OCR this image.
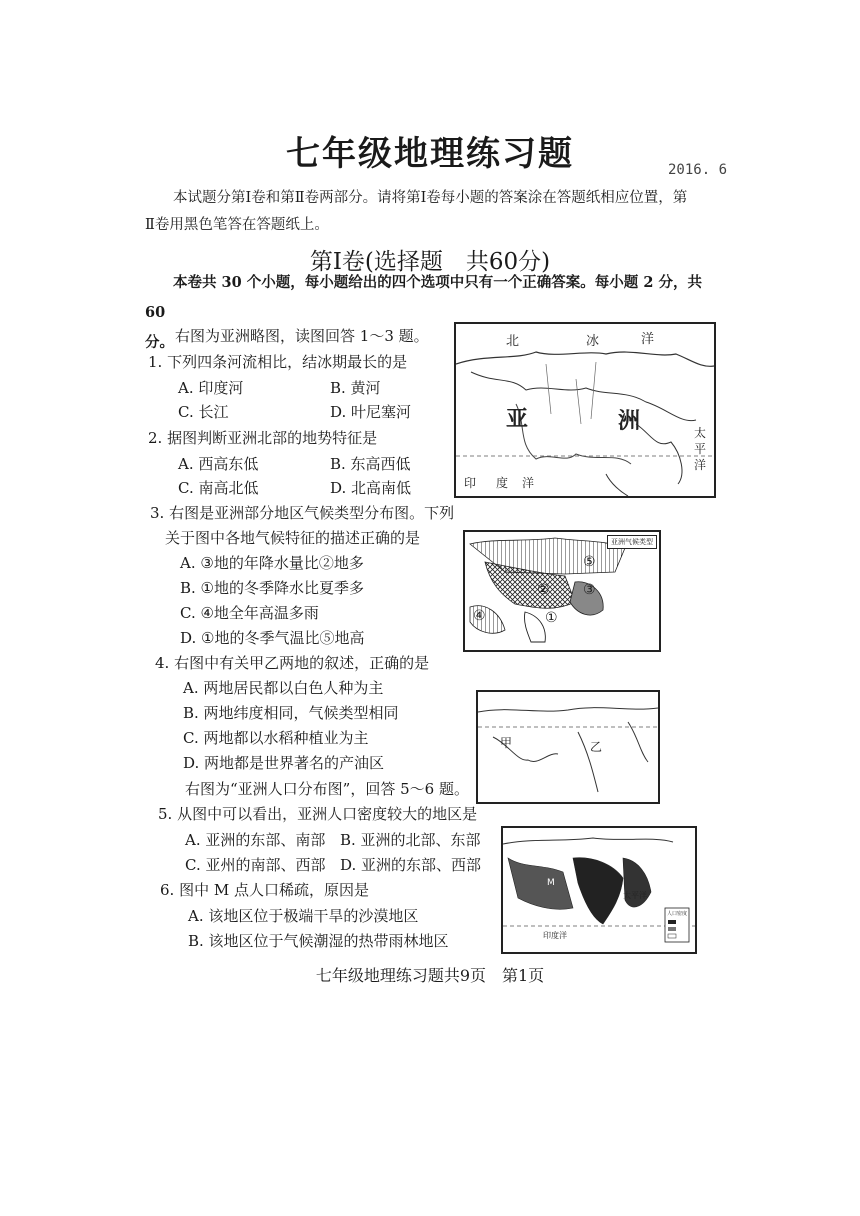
七年级地理练习题	2016. 6
本试题分第Ⅰ卷和第Ⅱ卷两部分。请将第Ⅰ卷每小题的答案涂在答题纸相应位置，第
Ⅱ卷用黑色笔答在答题纸上。
第Ⅰ卷(选择题　共60分)
本卷共 30 个小题，每小题给出的四个选项中只有一个正确答案。每小题 2 分，共 60
分。 右图为亚洲略图，读图回答 1～3 题。
1. 下列四条河流相比，结冰期最长的是
A. 印度河	B. 黄河
C. 长江	D. 叶尼塞河
2. 据图判断亚洲北部的地势特征是
A. 西高东低	B. 东高西低
C. 南高北低	D. 北高南低
3. 右图是亚洲部分地区气候类型分布图。下列
关于图中各地气候特征的描述正确的是
A. ③地的年降水量比②地多
B. ①地的冬季降水比夏季多
C. ④地全年高温多雨
D. ①地的冬季气温比⑤地高
4. 右图中有关甲乙两地的叙述，正确的是
A. 两地居民都以白色人种为主
B. 两地纬度相同，气候类型相同
C. 两地都以水稻种植业为主
D. 两地都是世界著名的产油区
右图为“亚洲人口分布图”，回答 5～6 题。
5. 从图中可以看出，亚洲人口密度较大的地区是
A. 亚洲的东部、南部 B. 亚洲的北部、东部
C. 亚州的南部、西部 D. 亚洲的东部、西部
6. 图中 M 点人口稀疏，原因是
A. 该地区位于极端干旱的沙漠地区
B. 该地区位于气候潮湿的热带雨林地区
北	冰	洋
亚	洲	太
平
洋
印 度 洋
亚洲气候类型
⑤
③
②
④	①
甲	乙
太平洋
印度洋
M
人口密度
七年级地理练习题共9页　第1页
